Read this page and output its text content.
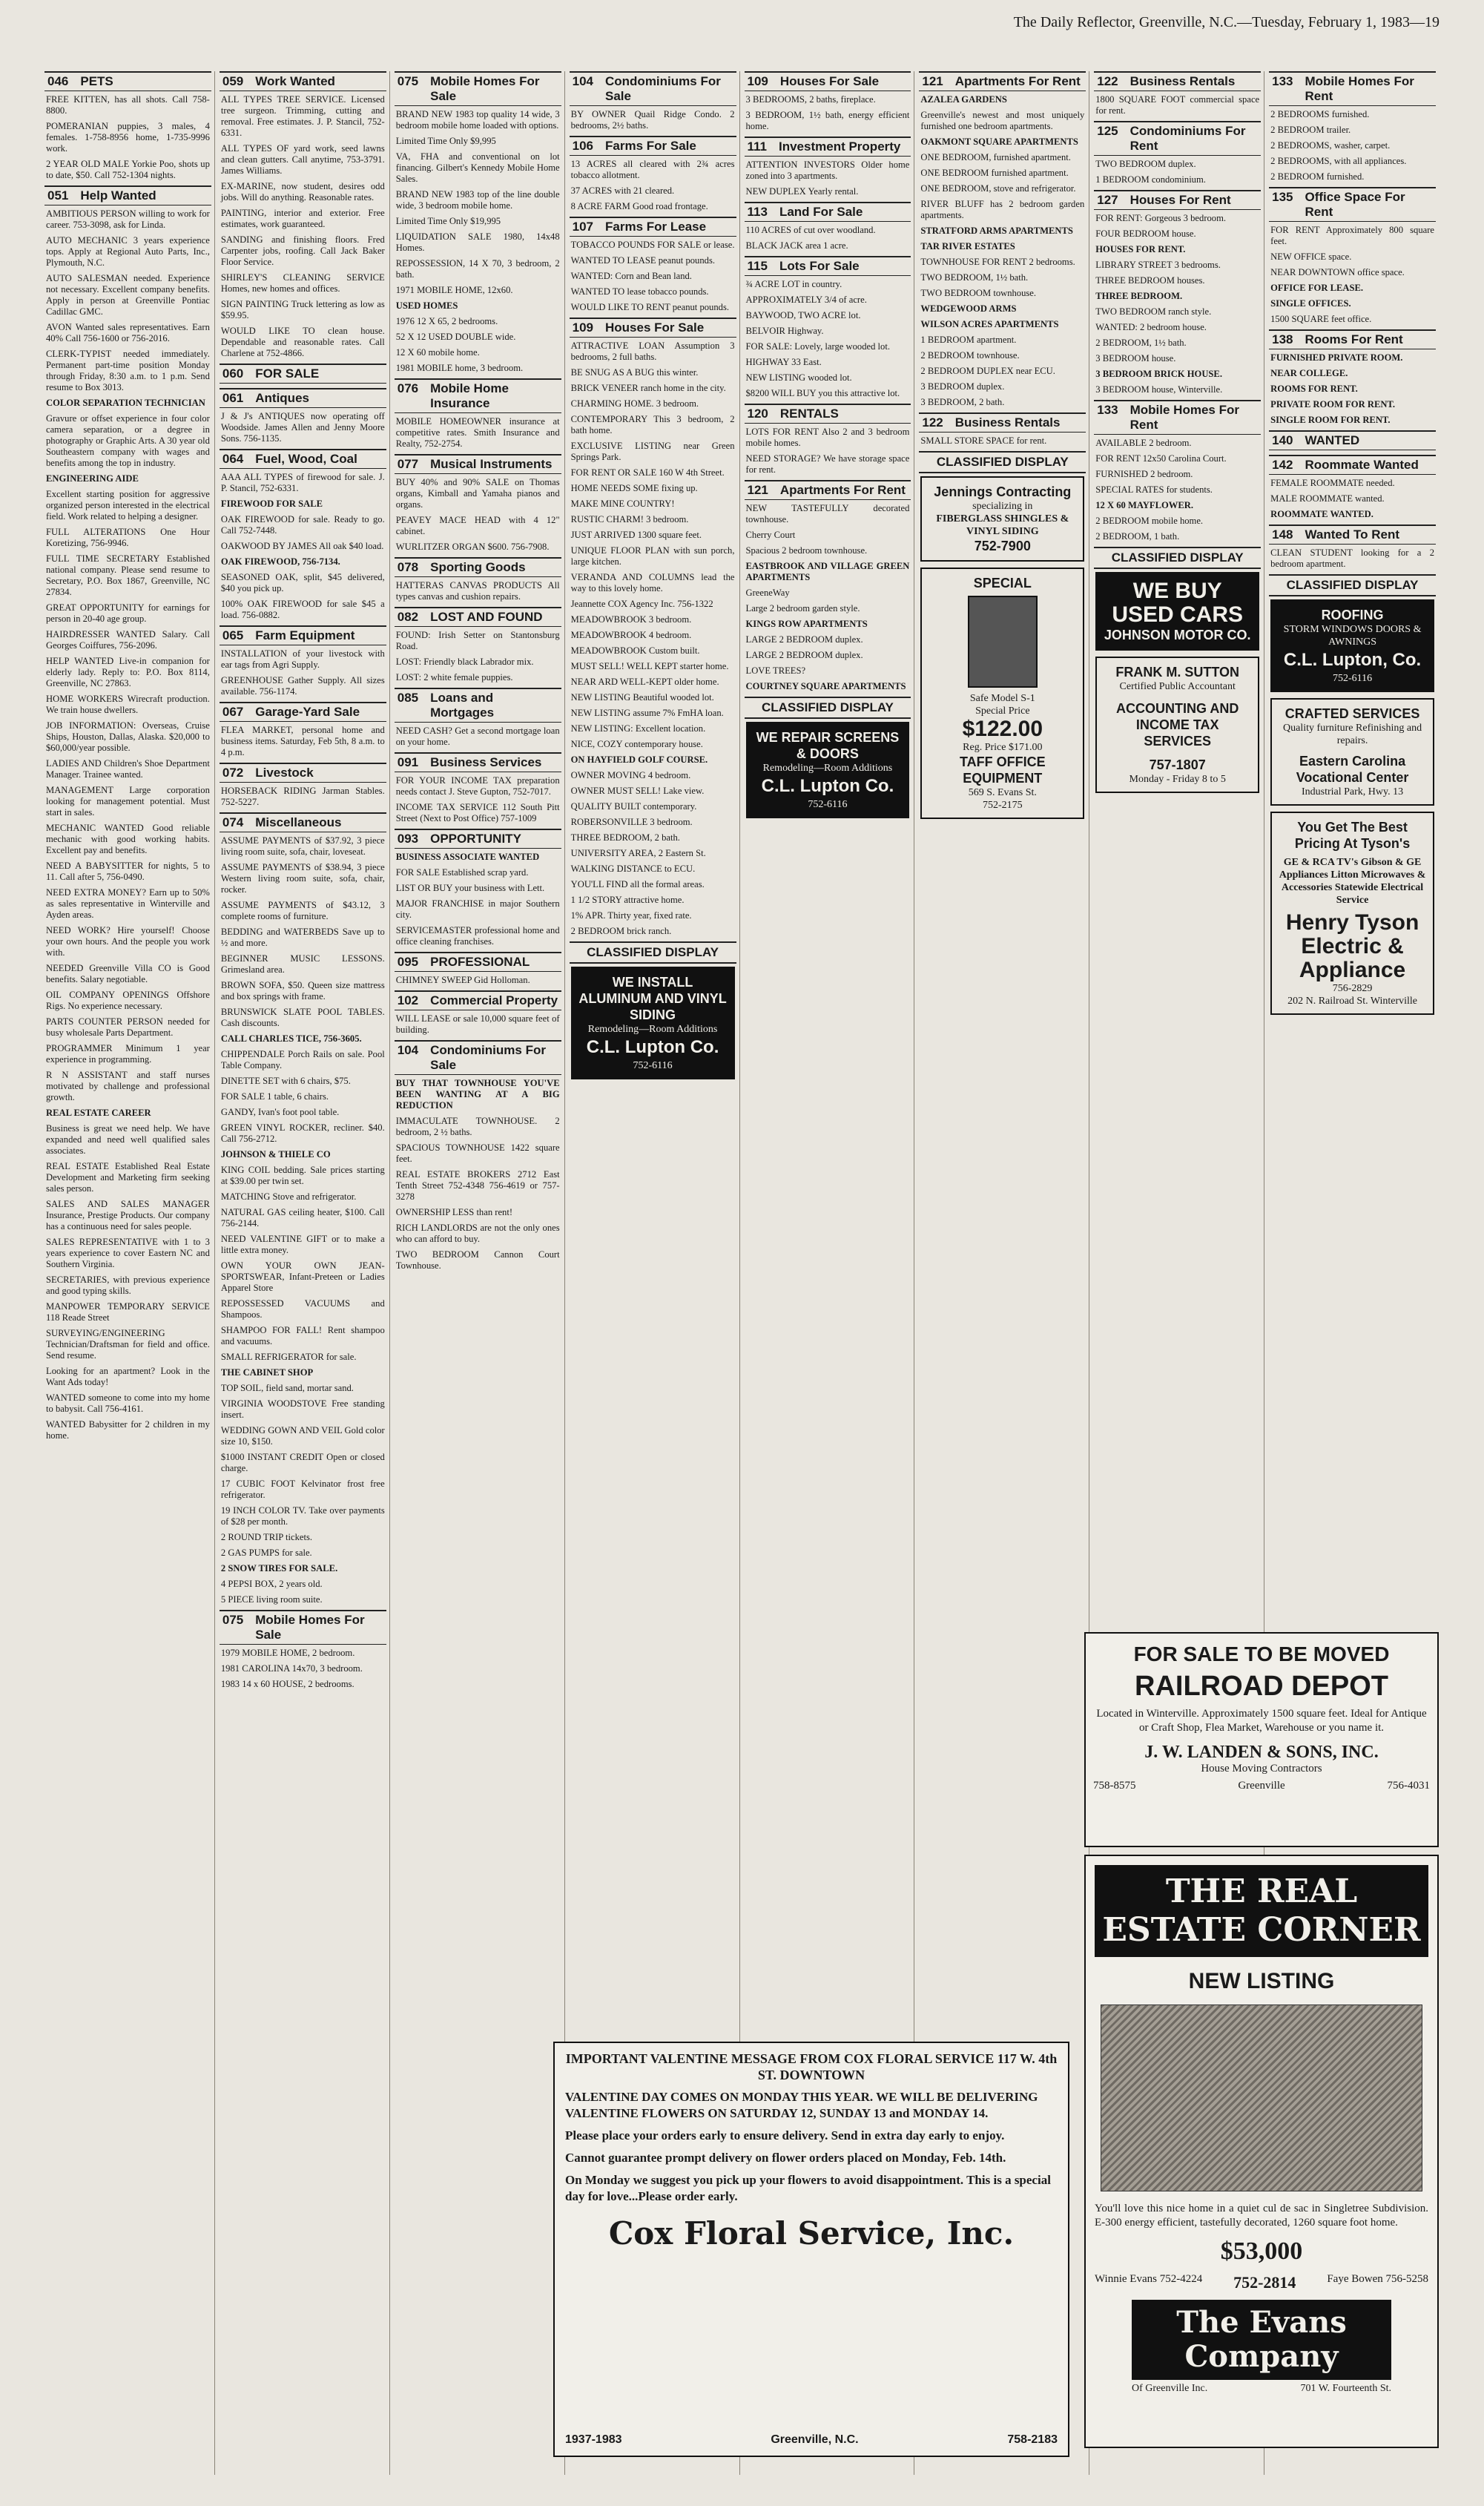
The Daily Reflector, Greenville, N.C.—Tuesday, February 1, 1983—19
046 PETS

FREE KITTEN, has all shots. Call 758-8800.

POMERANIAN puppies, 3 males, 4 females. 1-758-8956 home, 1-735-9996 work.

2 YEAR OLD MALE Yorkie Poo, shots up to date, $50. Call 752-1304 nights.

051 Help Wanted

AMBITIOUS PERSON willing to work for career. 753-3098, ask for Linda.

AUTO MECHANIC 3 years experience tops. Apply at Regional Auto Parts, Inc., Plymouth, N.C.

AUTO SALESMAN needed. Experience not necessary. Excellent company benefits. Apply in person at Greenville Pontiac Cadillac GMC.

AVON Wanted sales representatives. Earn 40% Call 756-1600 or 756-2016.

CLERK-TYPIST needed immediately. Permanent part-time position Monday through Friday, 8:30 a.m. to 1 p.m. Send resume to Box 3013.

COLOR SEPARATION TECHNICIAN

Gravure or offset experience in four color camera separation, or a degree in photography or Graphic Arts. A 30 year old Southeastern company with wages and benefits among the top in industry.

ENGINEERING AIDE

Excellent starting position for aggressive organized person interested in the electrical field. Work related to helping a designer.

FULL ALTERATIONS One Hour Koretizing, 756-9946.

FULL TIME SECRETARY Established national company. Please send resume to Secretary, P.O. Box 1867, Greenville, NC 27834.

GREAT OPPORTUNITY for earnings for person in 20-40 age group.

HAIRDRESSER WANTED Salary. Call Georges Coiffures, 756-2096.

HELP WANTED Live-in companion for elderly lady. Reply to: P.O. Box 8114, Greenville, NC 27863.

HOME WORKERS Wirecraft production. We train house dwellers.

JOB INFORMATION: Overseas, Cruise Ships, Houston, Dallas, Alaska. $20,000 to $60,000/year possible.

LADIES AND Children's Shoe Department Manager. Trainee wanted.

MANAGEMENT Large corporation looking for management potential. Must start in sales.

MECHANIC WANTED Good reliable mechanic with good working habits. Excellent pay and benefits.

NEED A BABYSITTER for nights, 5 to 11. Call after 5, 756-0490.

NEED EXTRA MONEY? Earn up to 50% as sales representative in Winterville and Ayden areas.

NEED WORK? Hire yourself! Choose your own hours. And the people you work with.

NEEDED Greenville Villa CO is Good benefits. Salary negotiable.

OIL COMPANY OPENINGS Offshore Rigs. No experience necessary.

PARTS COUNTER PERSON needed for busy wholesale Parts Department.

PROGRAMMER Minimum 1 year experience in programming.

R N ASSISTANT and staff nurses motivated by challenge and professional growth.

REAL ESTATE CAREER

Business is great we need help. We have expanded and need well qualified sales associates.

REAL ESTATE Established Real Estate Development and Marketing firm seeking sales person.

SALES AND SALES MANAGER Insurance, Prestige Products. Our company has a continuous need for sales people.

SALES REPRESENTATIVE with 1 to 3 years experience to cover Eastern NC and Southern Virginia.

SECRETARIES, with previous experience and good typing skills.

MANPOWER TEMPORARY SERVICE 118 Reade Street

SURVEYING/ENGINEERING Technician/Draftsman for field and office. Send resume.

Looking for an apartment? Look in the Want Ads today!

WANTED someone to come into my home to babysit. Call 756-4161.

WANTED Babysitter for 2 children in my home.

059 Work Wanted

ALL TYPES TREE SERVICE. Licensed tree surgeon. Trimming, cutting and removal. Free estimates. J. P. Stancil, 752-6331.

ALL TYPES OF yard work, seed lawns and clean gutters. Call anytime, 753-3791. James Williams.

EX-MARINE, now student, desires odd jobs. Will do anything. Reasonable rates.

PAINTING, interior and exterior. Free estimates, work guaranteed.

SANDING and finishing floors. Fred Carpenter jobs, roofing. Call Jack Baker Floor Service.

SHIRLEY'S CLEANING SERVICE Homes, new homes and offices.

SIGN PAINTING Truck lettering as low as $59.95.

WOULD LIKE TO clean house. Dependable and reasonable rates. Call Charlene at 752-4866.

060 FOR SALE
061 Antiques

J & J's ANTIQUES now operating off Woodside. James Allen and Jenny Moore Sons. 756-1135.

064 Fuel, Wood, Coal

AAA ALL TYPES of firewood for sale. J. P. Stancil, 752-6331.

FIREWOOD FOR SALE

OAK FIREWOOD for sale. Ready to go. Call 752-7448.

OAKWOOD BY JAMES All oak $40 load.

OAK FIREWOOD, 756-7134.

SEASONED OAK, split, $45 delivered, $40 you pick up.

100% OAK FIREWOOD for sale $45 a load. 756-0882.

065 Farm Equipment

INSTALLATION of your livestock with ear tags from Agri Supply.

GREENHOUSE Gather Supply. All sizes available. 756-1174.

067 Garage-Yard Sale

FLEA MARKET, personal home and business items. Saturday, Feb 5th, 8 a.m. to 4 p.m.

072 Livestock

HORSEBACK RIDING Jarman Stables. 752-5227.

074 Miscellaneous

ASSUME PAYMENTS of $37.92, 3 piece living room suite, sofa, chair, loveseat.

ASSUME PAYMENTS of $38.94, 3 piece Western living room suite, sofa, chair, rocker.

ASSUME PAYMENTS of $43.12, 3 complete rooms of furniture.

BEDDING and WATERBEDS Save up to ½ and more.

BEGINNER MUSIC LESSONS. Grimesland area.

BROWN SOFA, $50. Queen size mattress and box springs with frame.

BRUNSWICK SLATE POOL TABLES. Cash discounts.

CALL CHARLES TICE, 756-3605.

CHIPPENDALE Porch Rails on sale. Pool Table Company.

DINETTE SET with 6 chairs, $75.

FOR SALE 1 table, 6 chairs.

GANDY, Ivan's foot pool table.

GREEN VINYL ROCKER, recliner. $40. Call 756-2712.

JOHNSON & THIELE CO

KING COIL bedding. Sale prices starting at $39.00 per twin set.

MATCHING Stove and refrigerator.

NATURAL GAS ceiling heater, $100. Call 756-2144.

NEED VALENTINE GIFT or to make a little extra money.

OWN YOUR OWN JEAN-SPORTSWEAR, Infant-Preteen or Ladies Apparel Store

REPOSSESSED VACUUMS and Shampoos.

SHAMPOO FOR FALL! Rent shampoo and vacuums.

SMALL REFRIGERATOR for sale.

THE CABINET SHOP

TOP SOIL, field sand, mortar sand.

VIRGINIA WOODSTOVE Free standing insert.

WEDDING GOWN AND VEIL Gold color size 10, $150.

$1000 INSTANT CREDIT Open or closed charge.

17 CUBIC FOOT Kelvinator frost free refrigerator.

19 INCH COLOR TV. Take over payments of $28 per month.

2 ROUND TRIP tickets.

2 GAS PUMPS for sale.

2 SNOW TIRES FOR SALE.

4 PEPSI BOX, 2 years old.

5 PIECE living room suite.

075 Mobile Homes For Sale

1979 MOBILE HOME, 2 bedroom.

1981 CAROLINA 14x70, 3 bedroom.

1983 14 x 60 HOUSE, 2 bedrooms.

075 Mobile Homes For Sale

BRAND NEW 1983 top quality 14 wide, 3 bedroom mobile home loaded with options.

Limited Time Only $9,995

VA, FHA and conventional on lot financing. Gilbert's Kennedy Mobile Home Sales.

BRAND NEW 1983 top of the line double wide, 3 bedroom mobile home.

Limited Time Only $19,995

LIQUIDATION SALE 1980, 14x48 Homes.

REPOSSESSION, 14 X 70, 3 bedroom, 2 bath.

1971 MOBILE HOME, 12x60.

USED HOMES

1976 12 X 65, 2 bedrooms.

52 X 12 USED DOUBLE wide.

12 X 60 mobile home.

1981 MOBILE home, 3 bedroom.

076 Mobile Home Insurance

MOBILE HOMEOWNER insurance at competitive rates. Smith Insurance and Realty, 752-2754.

077 Musical Instruments

BUY 40% and 90% SALE on Thomas organs, Kimball and Yamaha pianos and organs.

PEAVEY MACE HEAD with 4 12" cabinet.

WURLITZER ORGAN $600. 756-7908.

078 Sporting Goods

HATTERAS CANVAS PRODUCTS All types canvas and cushion repairs.

082 LOST AND FOUND

FOUND: Irish Setter on Stantonsburg Road.

LOST: Friendly black Labrador mix.

LOST: 2 white female puppies.

085 Loans and Mortgages

NEED CASH? Get a second mortgage loan on your home.

091 Business Services

FOR YOUR INCOME TAX preparation needs contact J. Steve Gupton, 752-7017.

INCOME TAX SERVICE 112 South Pitt Street (Next to Post Office) 757-1009

093 OPPORTUNITY

BUSINESS ASSOCIATE WANTED

FOR SALE Established scrap yard.

LIST OR BUY your business with Lett.

MAJOR FRANCHISE in major Southern city.

SERVICEMASTER professional home and office cleaning franchises.

095 PROFESSIONAL

CHIMNEY SWEEP Gid Holloman.

102 Commercial Property

WILL LEASE or sale 10,000 square feet of building.

104 Condominiums For Sale

BUY THAT TOWNHOUSE YOU'VE BEEN WANTING AT A BIG REDUCTION

IMMACULATE TOWNHOUSE. 2 bedroom, 2 ½ baths.

SPACIOUS TOWNHOUSE 1422 square feet.

REAL ESTATE BROKERS 2712 East Tenth Street 752-4348 756-4619 or 757-3278

OWNERSHIP LESS than rent!

RICH LANDLORDS are not the only ones who can afford to buy.

TWO BEDROOM Cannon Court Townhouse.

104 Condominiums For Sale

BY OWNER Quail Ridge Condo. 2 bedrooms, 2½ baths.

106 Farms For Sale

13 ACRES all cleared with 2¾ acres tobacco allotment.

37 ACRES with 21 cleared.

8 ACRE FARM Good road frontage.

107 Farms For Lease

TOBACCO POUNDS FOR SALE or lease.

WANTED TO LEASE peanut pounds.

WANTED: Corn and Bean land.

WANTED TO lease tobacco pounds.

WOULD LIKE TO RENT peanut pounds.

109 Houses For Sale

ATTRACTIVE LOAN Assumption 3 bedrooms, 2 full baths.

BE SNUG AS A BUG this winter.

BRICK VENEER ranch home in the city.

CHARMING HOME. 3 bedroom.

CONTEMPORARY This 3 bedroom, 2 bath home.

EXCLUSIVE LISTING near Green Springs Park.

FOR RENT OR SALE 160 W 4th Street.

HOME NEEDS SOME fixing up.

MAKE MINE COUNTRY!

RUSTIC CHARM! 3 bedroom.

JUST ARRIVED 1300 square feet.

UNIQUE FLOOR PLAN with sun porch, large kitchen.

VERANDA AND COLUMNS lead the way to this lovely home.

Jeannette COX Agency Inc. 756-1322

MEADOWBROOK 3 bedroom.

MEADOWBROOK 4 bedroom.

MEADOWBROOK Custom built.

MUST SELL! WELL KEPT starter home.

NEAR ARD WELL-KEPT older home.

NEW LISTING Beautiful wooded lot.

NEW LISTING assume 7% FmHA loan.

NEW LISTING: Excellent location.

NICE, COZY contemporary house.

ON HAYFIELD GOLF COURSE.

OWNER MOVING 4 bedroom.

OWNER MUST SELL! Lake view.

QUALITY BUILT contemporary.

ROBERSONVILLE 3 bedroom.

THREE BEDROOM, 2 bath.

UNIVERSITY AREA, 2 Eastern St.

WALKING DISTANCE to ECU.

YOU'LL FIND all the formal areas.

1 1/2 STORY attractive home.

1% APR. Thirty year, fixed rate.

2 BEDROOM brick ranch.

CLASSIFIED DISPLAY
WE INSTALL ALUMINUM AND VINYL SIDING
Remodeling—Room Additions
C.L. Lupton Co.
752-6116
109 Houses For Sale

3 BEDROOMS, 2 baths, fireplace.

3 BEDROOM, 1½ bath, energy efficient home.

111 Investment Property

ATTENTION INVESTORS Older home zoned into 3 apartments.

NEW DUPLEX Yearly rental.

113 Land For Sale

110 ACRES of cut over woodland.

BLACK JACK area 1 acre.

115 Lots For Sale

¾ ACRE LOT in country.

APPROXIMATELY 3/4 of acre.

BAYWOOD, TWO ACRE lot.

BELVOIR Highway.

FOR SALE: Lovely, large wooded lot.

HIGHWAY 33 East.

NEW LISTING wooded lot.

$8200 WILL BUY you this attractive lot.

120 RENTALS

LOTS FOR RENT Also 2 and 3 bedroom mobile homes.

NEED STORAGE? We have storage space for rent.

121 Apartments For Rent

NEW TASTEFULLY decorated townhouse.

Cherry Court

Spacious 2 bedroom townhouse.

EASTBROOK AND VILLAGE GREEN APARTMENTS

GreeneWay

Large 2 bedroom garden style.

KINGS ROW APARTMENTS

LARGE 2 BEDROOM duplex.

LARGE 2 BEDROOM duplex.

LOVE TREES?

COURTNEY SQUARE APARTMENTS

CLASSIFIED DISPLAY
WE REPAIR SCREENS & DOORS
Remodeling—Room Additions
C.L. Lupton Co.
752-6116
121 Apartments For Rent

AZALEA GARDENS

Greenville's newest and most uniquely furnished one bedroom apartments.

OAKMONT SQUARE APARTMENTS

ONE BEDROOM, furnished apartment.

ONE BEDROOM furnished apartment.

ONE BEDROOM, stove and refrigerator.

RIVER BLUFF has 2 bedroom garden apartments.

STRATFORD ARMS APARTMENTS

TAR RIVER ESTATES

TOWNHOUSE FOR RENT 2 bedrooms.

TWO BEDROOM, 1½ bath.

TWO BEDROOM townhouse.

WEDGEWOOD ARMS

WILSON ACRES APARTMENTS

1 BEDROOM apartment.

2 BEDROOM townhouse.

2 BEDROOM DUPLEX near ECU.

3 BEDROOM duplex.

3 BEDROOM, 2 bath.

122 Business Rentals

SMALL STORE SPACE for rent.

CLASSIFIED DISPLAY
Jennings Contracting
specializing in
FIBERGLASS SHINGLES & VINYL SIDING
752-7900
SPECIAL
Safe Model S-1
Special Price
$122.00
Reg. Price $171.00
TAFF OFFICE EQUIPMENT
569 S. Evans St.
752-2175
122 Business Rentals

1800 SQUARE FOOT commercial space for rent.

125 Condominiums For Rent

TWO BEDROOM duplex.

1 BEDROOM condominium.

127 Houses For Rent

FOR RENT: Gorgeous 3 bedroom.

FOUR BEDROOM house.

HOUSES FOR RENT.

LIBRARY STREET 3 bedrooms.

THREE BEDROOM houses.

THREE BEDROOM.

TWO BEDROOM ranch style.

WANTED: 2 bedroom house.

2 BEDROOM, 1½ bath.

3 BEDROOM house.

3 BEDROOM BRICK HOUSE.

3 BEDROOM house, Winterville.

133 Mobile Homes For Rent

AVAILABLE 2 bedroom.

FOR RENT 12x50 Carolina Court.

FURNISHED 2 bedroom.

SPECIAL RATES for students.

12 X 60 MAYFLOWER.

2 BEDROOM mobile home.

2 BEDROOM, 1 bath.

CLASSIFIED DISPLAY
WE BUY USED CARS
JOHNSON MOTOR CO.
FRANK M. SUTTON
Certified Public Accountant
ACCOUNTING AND INCOME TAX SERVICES
757-1807
Monday - Friday 8 to 5
133 Mobile Homes For Rent

2 BEDROOMS furnished.

2 BEDROOM trailer.

2 BEDROOMS, washer, carpet.

2 BEDROOMS, with all appliances.

2 BEDROOM furnished.

135 Office Space For Rent

FOR RENT Approximately 800 square feet.

NEW OFFICE space.

NEAR DOWNTOWN office space.

OFFICE FOR LEASE.

SINGLE OFFICES.

1500 SQUARE feet office.

138 Rooms For Rent

FURNISHED PRIVATE ROOM.

NEAR COLLEGE.

ROOMS FOR RENT.

PRIVATE ROOM FOR RENT.

SINGLE ROOM FOR RENT.

140 WANTED
142 Roommate Wanted

FEMALE ROOMMATE needed.

MALE ROOMMATE wanted.

ROOMMATE WANTED.

148 Wanted To Rent

CLEAN STUDENT looking for a 2 bedroom apartment.

CLASSIFIED DISPLAY
ROOFING
STORM WINDOWS DOORS & AWNINGS
C.L. Lupton, Co.
752-6116
CRAFTED SERVICES
Quality furniture Refinishing and repairs.
Eastern Carolina Vocational Center
Industrial Park, Hwy. 13
You Get The Best Pricing At Tyson's
GE & RCA TV's Gibson & GE Appliances Litton Microwaves & Accessories Statewide Electrical Service
Henry Tyson Electric & Appliance
756-2829
202 N. Railroad St. Winterville
IMPORTANT VALENTINE MESSAGE FROM COX FLORAL SERVICE 117 W. 4th ST. DOWNTOWN
VALENTINE DAY COMES ON MONDAY THIS YEAR. WE WILL BE DELIVERING VALENTINE FLOWERS ON SATURDAY 12, SUNDAY 13 and MONDAY 14.
Please place your orders early to ensure delivery. Send in extra day early to enjoy.
Cannot guarantee prompt delivery on flower orders placed on Monday, Feb. 14th.
On Monday we suggest you pick up your flowers to avoid disappointment. This is a special day for love...Please order early.
Cox Floral Service, Inc.
1937-1983	Greenville, N.C.	758-2183
FOR SALE TO BE MOVED
RAILROAD DEPOT
Located in Winterville. Approximately 1500 square feet. Ideal for Antique or Craft Shop, Flea Market, Warehouse or you name it.
J. W. LANDEN & SONS, INC.
House Moving Contractors
758-8575	Greenville	756-4031
THE REAL ESTATE CORNER
NEW LISTING
You'll love this nice home in a quiet cul de sac in Singletree Subdivision. E-300 energy efficient, tastefully decorated, 1260 square foot home.
$53,000
Winnie Evans 752-4224 752-2814	Faye Bowen 756-5258
The Evans Company
Of Greenville Inc.	701 W. Fourteenth St.
